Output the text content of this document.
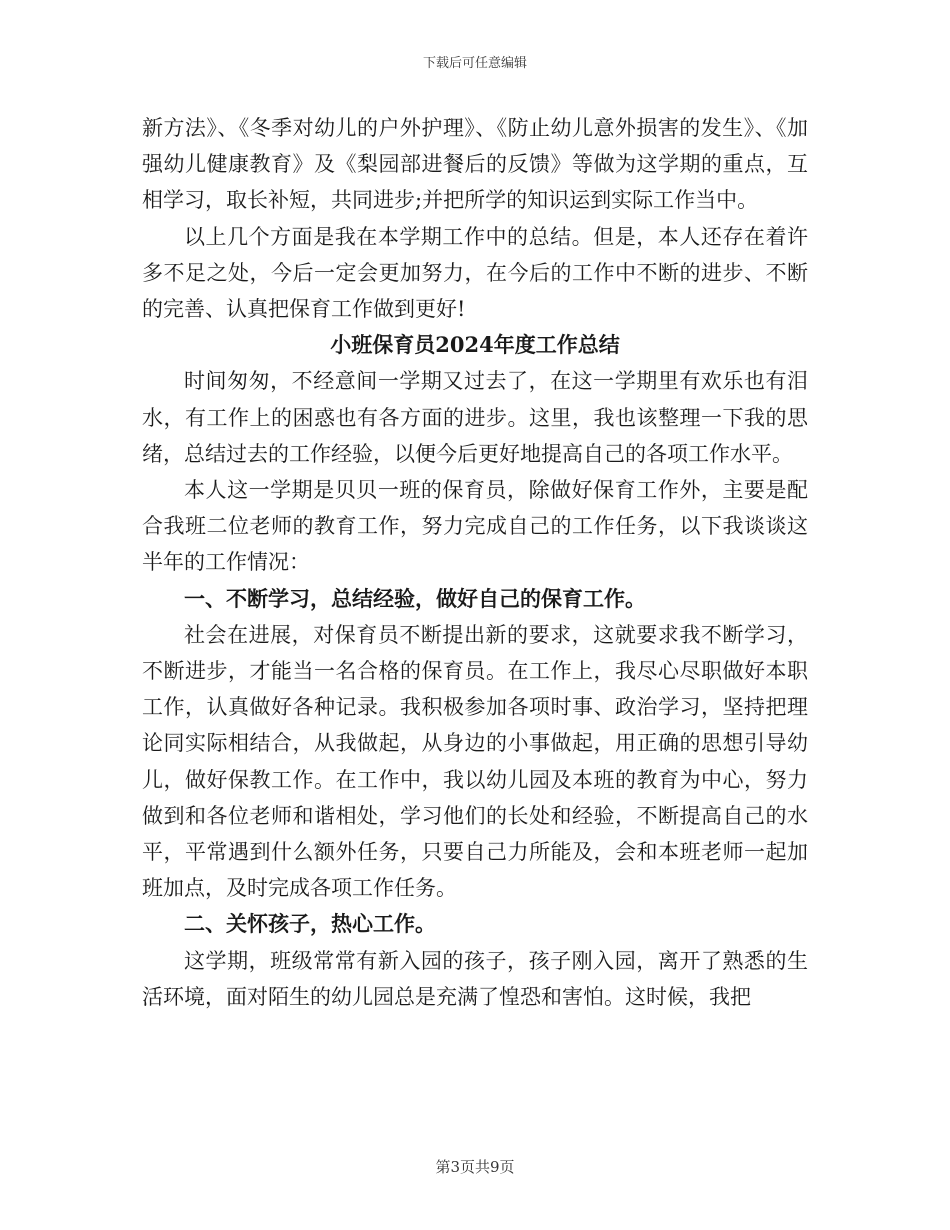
下载后可任意编辑

新方法》、《冬季对幼儿的户外护理》、《防止幼儿意外损害的发生》、《加强幼儿健康教育》及《梨园部进餐后的反馈》等做为这学期的重点，互相学习，取长补短，共同进步;并把所学的知识运到实际工作当中。

以上几个方面是我在本学期工作中的总结。但是，本人还存在着许多不足之处，今后一定会更加努力，在今后的工作中不断的进步、不断的完善、认真把保育工作做到更好!

小班保育员2024年度工作总结

时间匆匆，不经意间一学期又过去了，在这一学期里有欢乐也有泪水，有工作上的困惑也有各方面的进步。这里，我也该整理一下我的思绪，总结过去的工作经验，以便今后更好地提高自己的各项工作水平。

本人这一学期是贝贝一班的保育员，除做好保育工作外，主要是配合我班二位老师的教育工作，努力完成自己的工作任务，以下我谈谈这半年的工作情况：

一、不断学习，总结经验，做好自己的保育工作。

社会在进展，对保育员不断提出新的要求，这就要求我不断学习，不断进步，才能当一名合格的保育员。在工作上，我尽心尽职做好本职工作，认真做好各种记录。我积极参加各项时事、政治学习，坚持把理论同实际相结合，从我做起，从身边的小事做起，用正确的思想引导幼儿，做好保教工作。在工作中，我以幼儿园及本班的教育为中心，努力做到和各位老师和谐相处，学习他们的长处和经验，不断提高自己的水平，平常遇到什么额外任务，只要自己力所能及，会和本班老师一起加班加点，及时完成各项工作任务。

二、关怀孩子，热心工作。

这学期，班级常常有新入园的孩子，孩子刚入园，离开了熟悉的生活环境，面对陌生的幼儿园总是充满了惶恐和害怕。这时候，我把

第3页共9页
